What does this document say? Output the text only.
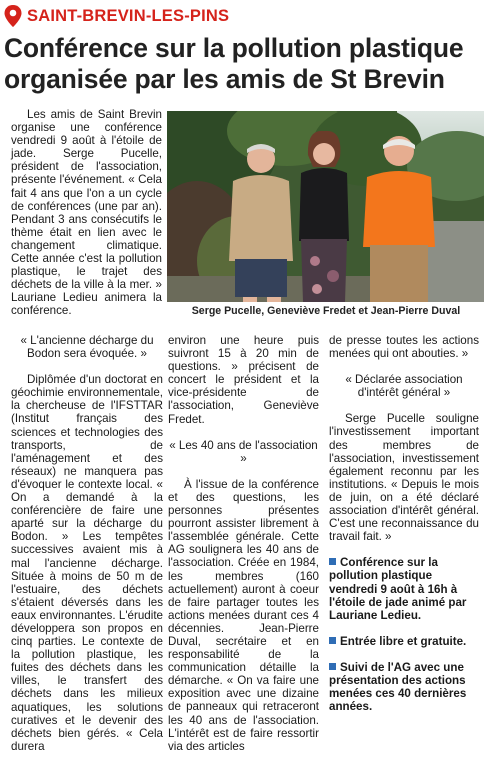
SAINT-BREVIN-LES-PINS
Conférence sur la pollution plastique organisée par les amis de St Brevin

Les amis de Saint Brevin organise une conférence vendredi 9 août à l'étoile de jade. Serge Pucelle, président de l'association, présente l'événement. « Cela fait 4 ans que l'on a un cycle de conférences (une par an). Pendant 3 ans consécutifs le thème était en lien avec le changement climatique. Cette année c'est la pollution plastique, le trajet des déchets de la ville à la mer. » Lauriane Ledieu animera la conférence.	Serge Pucelle, Geneviève Fredet et Jean-Pierre Duval

« L'ancienne décharge du Bodon sera évoquée. »

Diplômée d'un doctorat en géochimie environnementale, la chercheuse de l'IFSTTAR (Institut français des sciences et technologies des transports, de l'aménagement et des réseaux) ne manquera pas d'évoquer le contexte local. « On a demandé à la conférencière de faire une aparté sur la décharge du Bodon. » Les tempêtes successives avaient mis à mal l'ancienne décharge. Située à moins de 50 m de l'estuaire, des déchets s'étaient déversés dans les eaux environnantes. L'érudite développera son propos en cinq parties. Le contexte de la pollution plastique, les fuites des déchets dans les villes, le transfert des déchets dans les milieux aquatiques, les solutions curatives et le devenir des déchets bien gérés. « Cela durera

environ une heure puis suivront 15 à 20 min de questions. » précisent de concert le président et la vice-présidente de l'association, Geneviève Fredet.

« Les 40 ans de l'association »

À l'issue de la conférence et des questions, les personnes présentes pourront assister librement à l'assemblée générale. Cette AG soulignera les 40 ans de l'association. Créée en 1984, les membres (160 actuellement) auront à coeur de faire partager toutes les actions menées durant ces 4 décennies. Jean-Pierre Duval, secrétaire et en responsabilité de la communication détaille la démarche. « On va faire une exposition avec une dizaine de panneaux qui retraceront les 40 ans de l'association. L'intérêt est de faire ressortir via des articles

de presse toutes les actions menées qui ont abouties. »

« Déclarée association d'intérêt général »

Serge Pucelle souligne l'investissement important des membres de l'association, investissement également reconnu par les institutions. « Depuis le mois de juin, on a été déclaré association d'intérêt général. C'est une reconnaissance du travail fait. »

Conférence sur la pollution plastique vendredi 9 août à 16h à l'étoile de jade animé par Lauriane Ledieu.

Entrée libre et gratuite.

Suivi de l'AG avec une présentation des actions menées ces 40 dernières années.
